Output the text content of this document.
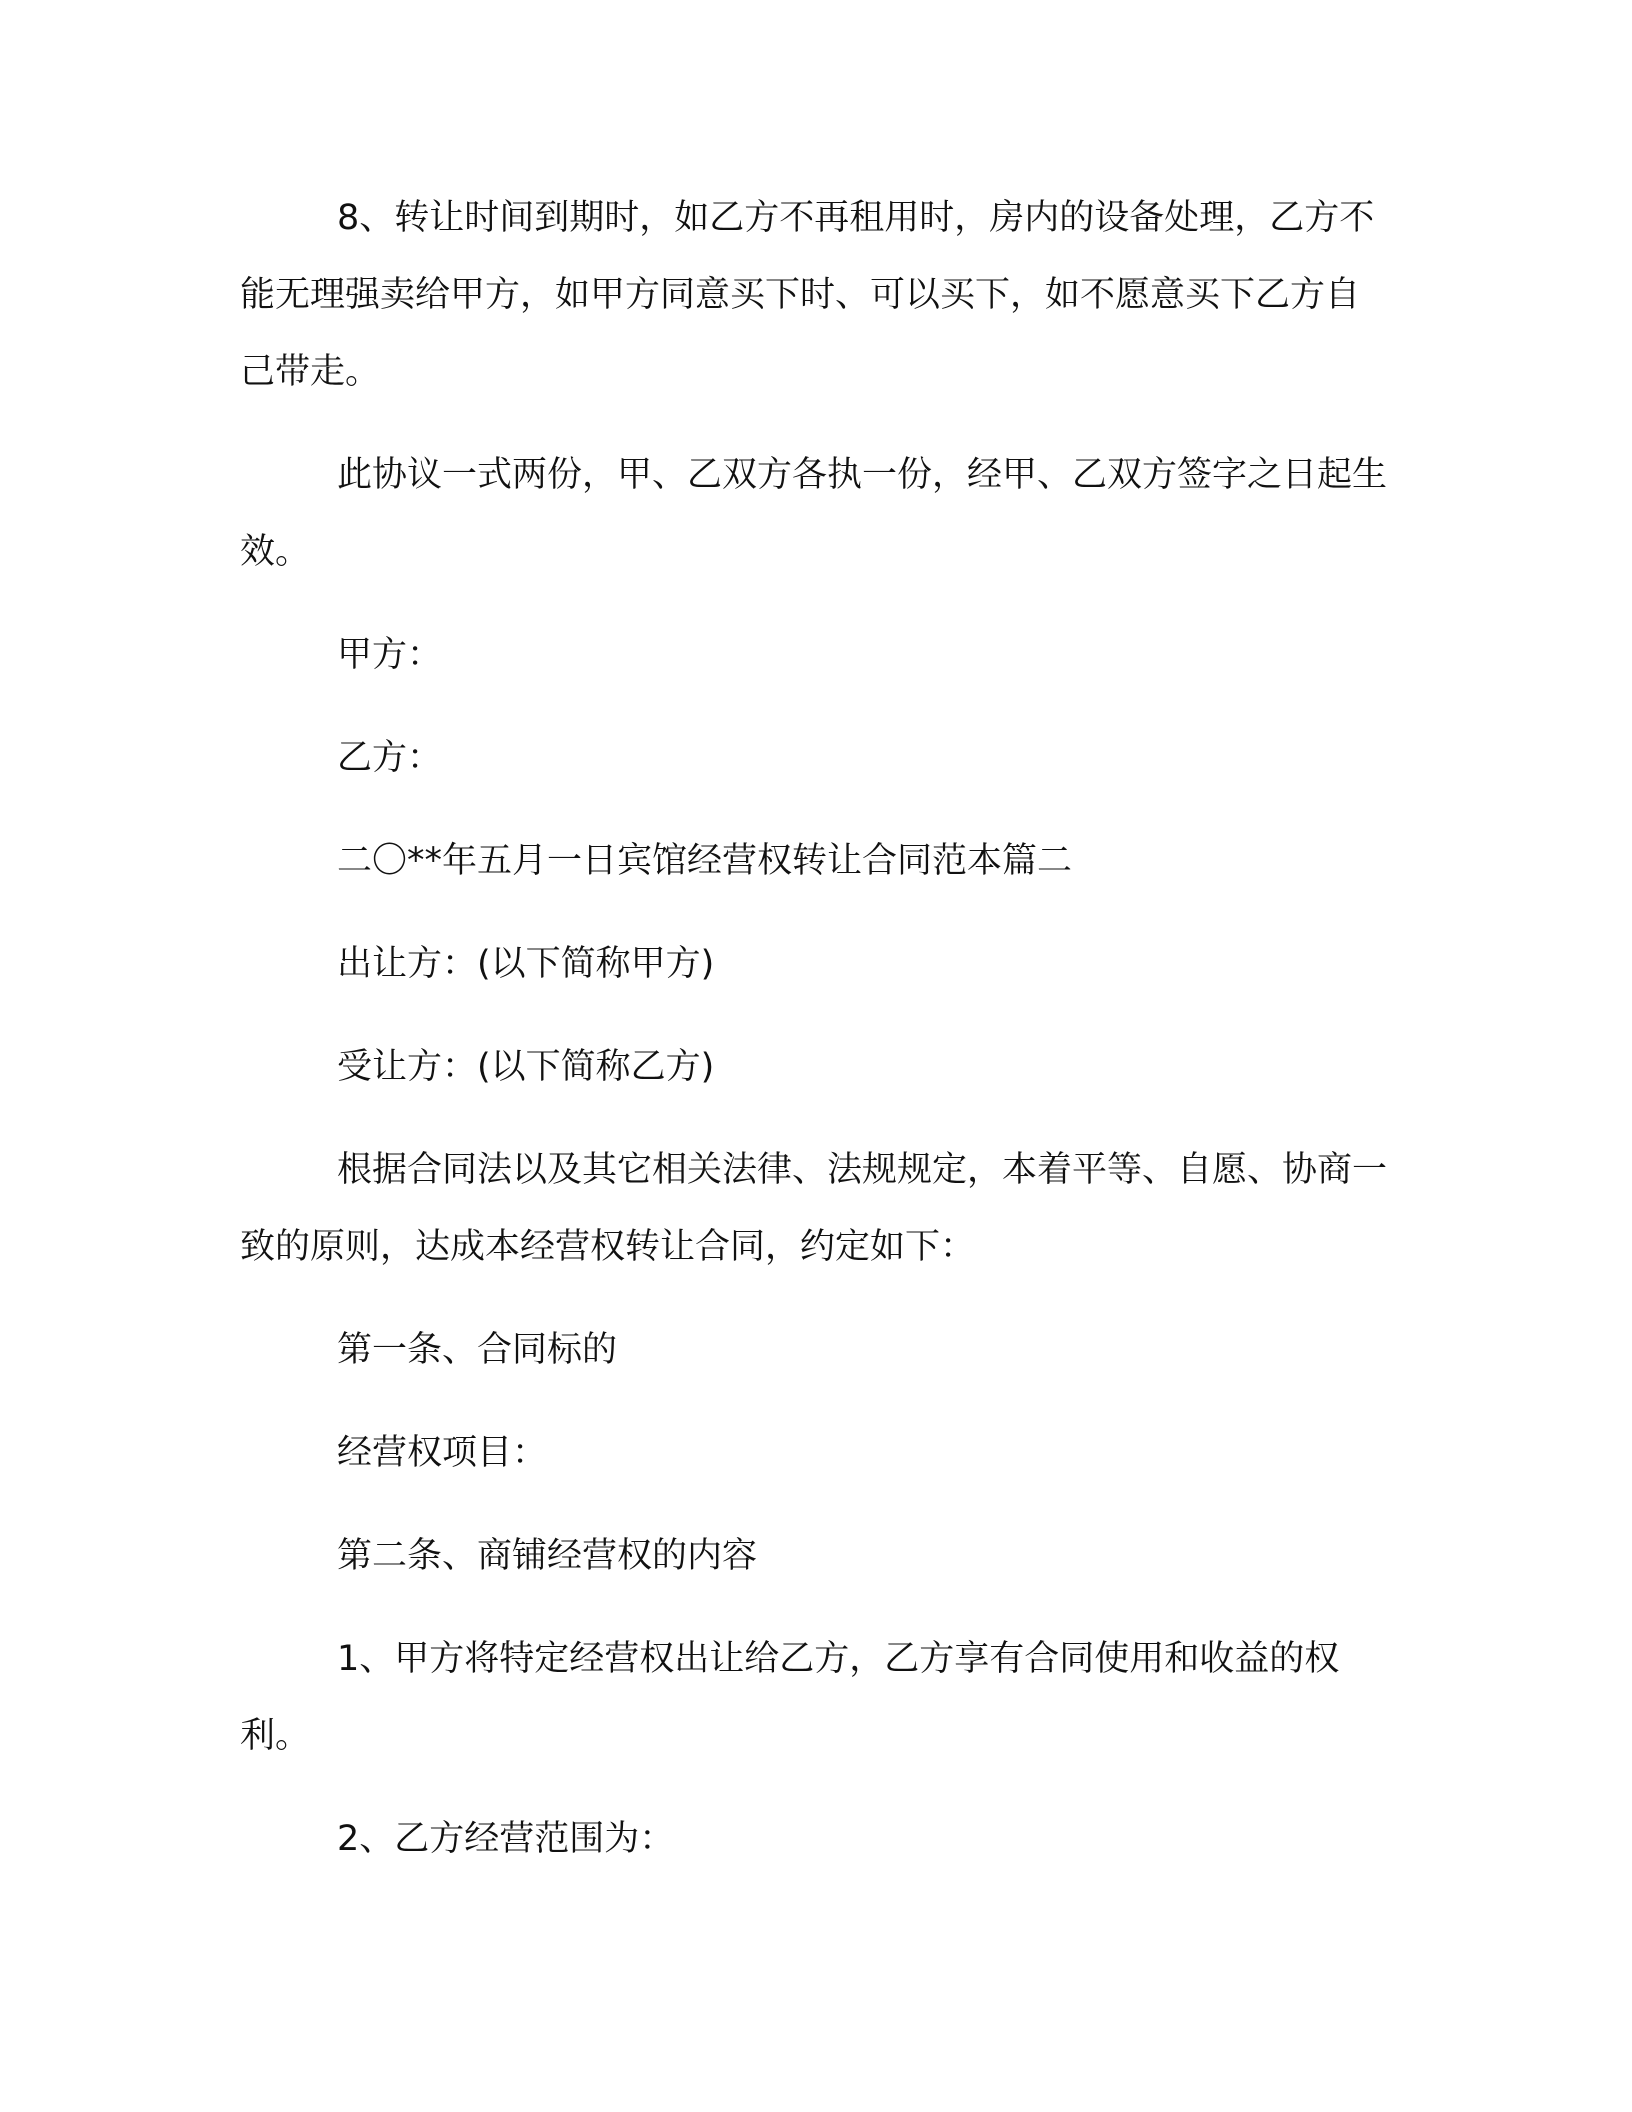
8、转让时间到期时，如乙方不再租用时，房内的设备处理，乙方不能无理强卖给甲方，如甲方同意买下时、可以买下，如不愿意买下乙方自己带走。

此协议一式两份，甲、乙双方各执一份，经甲、乙双方签字之日起生效。

甲方：

乙方：

二〇**年五月一日宾馆经营权转让合同范本篇二

出让方：(以下简称甲方)

受让方：(以下简称乙方)

根据合同法以及其它相关法律、法规规定，本着平等、自愿、协商一致的原则，达成本经营权转让合同，约定如下：

第一条、合同标的

经营权项目：

第二条、商铺经营权的内容

1、甲方将特定经营权出让给乙方，乙方享有合同使用和收益的权利。

2、乙方经营范围为：
